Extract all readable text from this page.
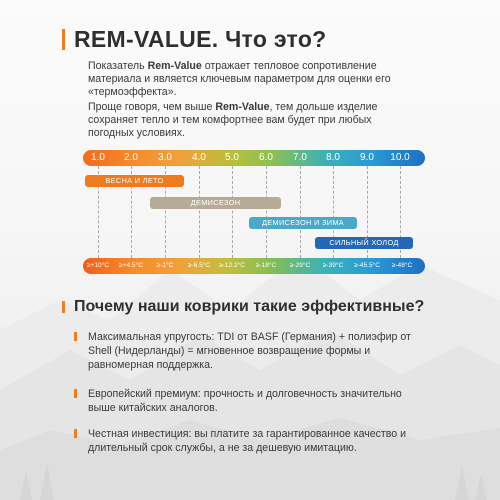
REM-VALUE. Что это?

Показатель Rem-Value отражает тепловое сопротивление материала и является ключевым параметром для оценки его «термоэффекта».

Проще говоря, чем выше Rem-Value, тем дольше изделие сохраняет тепло и тем комфортнее вам будет при любых погодных условиях.

1.0	2.0	3.0	4.0	5.0	6.0	7.0	8.0	9.0	10.0
ВЕСНА И ЛЕТО
ДЕМИСЕЗОН
ДЕМИСЕЗОН И ЗИМА
СИЛЬНЫЙ ХОЛОД
≥+10°C	≥+4.5°C	≥-1°C	≥-6.5°C	≥-12.2°C	≥-18°C	≥-29°C	≥-39°C	≥-45.5°C	≥-48°C
Почему наши коврики такие эффективные?
Максимальная упругость: TDI от BASF (Германия) + полиэфир от Shell (Нидерланды) = мгновенное возвращение формы и равномерная поддержка.
Европейский премиум: прочность и долговечность значительно выше китайских аналогов.
Честная инвестиция: вы платите за гарантированное качество и длительный срок службы, а не за дешевую имитацию.
